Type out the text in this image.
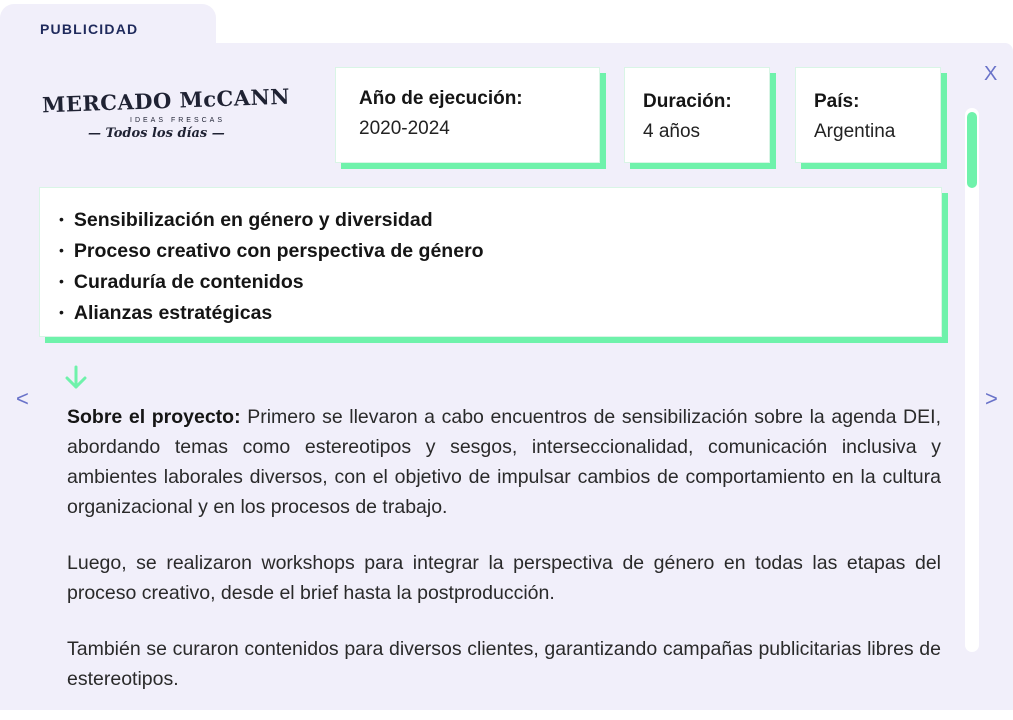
PUBLICIDAD
X
<	>
MERCADO McCANN
IDEAS FRESCAS
— Todos los días —
Año de ejecución:
2020-2024
Duración:
4 años
País:
Argentina
• Sensibilización en género y diversidad
• Proceso creativo con perspectiva de género
• Curaduría de contenidos
• Alianzas estratégicas

Sobre el proyecto: Primero se llevaron a cabo encuentros de sensibilización sobre la agenda DEI, abordando temas como estereotipos y sesgos, interseccionalidad, comunicación inclusiva y ambientes laborales diversos, con el objetivo de impulsar cambios de comportamiento en la cultura organizacional y en los procesos de trabajo.

Luego, se realizaron workshops para integrar la perspectiva de género en todas las etapas del proceso creativo, desde el brief hasta la postproducción.

También se curaron contenidos para diversos clientes, garantizando campañas publicitarias libres de estereotipos.
